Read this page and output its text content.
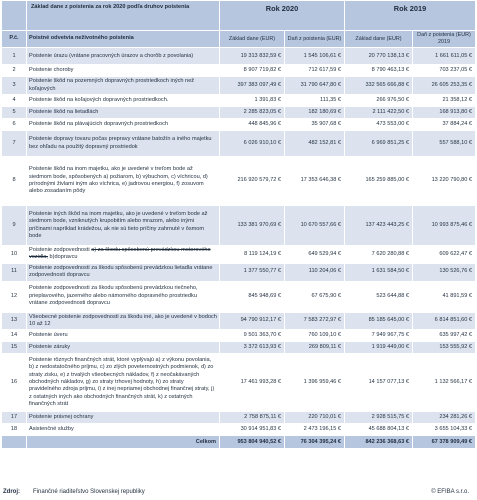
	Základ dane z poistenia za rok 2020 podľa druhov poistenia	Rok 2020		Rok 2019	
P.č.	Poistné odvetvia neživotného poistenia	Základ dane (EUR)	Daň z poistenia (EUR)	Základ dane (EUR)	Daň z poistenia (EUR) 2019
1	Poistenie úrazu (vrátane pracovných úrazov a chorôb z povolania)	19 313 832,59 €	1 545 106,61 €	20 770 138,13 €	1 661 611,05 €
2	Poistenie choroby	8 907 719,82 €	712 617,59 €	8 790 463,13 €	703 237,05 €
3	Poistenie škôd na pozemných dopravných prostriedkoch iných než koľajových	397 383 097,49 €	31 790 647,80 €	332 565 666,88 €	26 605 253,35 €
4	Poistenie škôd na koľajových dopravných prostriedkoch.	1 391,83 €	111,35 €	266 976,50 €	21 358,12 €
5	Poistenie škôd na lietadlách	2 285 823,05 €	182 180,69 €	2 111 422,50 €	168 913,80 €
6	Poistenie škôd na plávajúcich dopravných prostriedkoch	448 845,96 €	35 907,68 €	473 553,00 €	37 884,24 €
7	Poistenie dopravy tovaru počas prepravy vrátane batožín a iného majetku bez ohľadu na použitý dopravný prostriedok	6 026 910,10 €	482 152,81 €	6 969 851,25 €	557 588,10 €
8	Poistenie škôd na inom majetku, ako je uvedené v treťom bode až siedmom bode, spôsobených a) požiarom, b) výbuchom, c) víchricou, d) prírodnými živlami iným ako víchrica, e) jadrovou energiou, f) zosuvom alebo zosadaním pôdy	216 920 579,72 €	17 353 646,38 €	165 259 885,00 €	13 220 790,80 €
9	Poistenie iných škôd na inom majetku, ako je uvedené v treťom bode až siedmom bode, vzniknutých krupobitím alebo mrazom, alebo inými príčinami napríklad krádežou, ak nie sú tieto príčiny zahrnuté v ôsmom bode	133 381 970,69 €	10 670 557,66 €	137 423 443,25 €	10 993 875,46 €
10	Poistenie zodpovednosti a) za škodu spôsobenú prevádzkou motorového vozidla, b)dopravcu	8 119 124,19 €	649 529,94 €	7 620 280,88 €	609 622,47 €
11	Poistenie zodpovednosti za škodu spôsobenú prevádzkou lietadla vrátane zodpovednosti dopravcu	1 377 550,77 €	110 204,06 €	1 631 584,50 €	130 526,76 €
12	Poistenie zodpovednosti za škodu spôsobenú prevádzkou riečneho, prieplavového, jazerného alebo námorného dopravného prostriedku vrátane zodpovednosti dopravcu	845 948,69 €	67 675,90 €	523 644,88 €	41 891,59 €
13	Všeobecné poistenie zodpovednosti za škodu iné, ako je uvedené v bodoch 10 až 12	94 790 912,17 €	7 583 272,97 €	85 185 645,00 €	6 814 851,60 €
14	Poistenie úveru	9 501 363,70 €	760 109,10 €	7 949 967,75 €	635 997,42 €
15	Poistenie záruky	3 372 613,93 €	269 809,11 €	1 919 449,00 €	153 555,92 €
16	Poistenie rôznych finančných strát, ktoré vyplývajú a) z výkonu povolania, b) z nedostatočného príjmu, c) zo zlých poveternostných podmienok, d) zo straty zisku, e) z trvalých všeobecných nákladov, f) z neočakávaných obchodných nákladov, g) zo straty trhovej hodnoty, h) zo straty pravidelného zdroja príjmu, i) z inej nepriamej obchodnej finančnej straty, j) z ostatných iných ako obchodných finančných strát, k) z ostatných finančných strát	17 461 993,28 €	1 396 959,46 €	14 157 077,13 €	1 132 566,17 €
17	Poistenie právnej ochrany	2 758 875,11 €	220 710,01 €	2 928 515,75 €	234 281,26 €
18	Asistenčné služby	30 914 951,83 €	2 473 196,15 €	45 688 804,13 €	3 655 104,33 €
	Celkom	953 804 940,52 €	76 304 395,24 €	842 236 368,63 €	67 378 909,49 €
Zdroj: Finančné riaditeľstvo Slovenskej republiky	© EFIBA s.r.o.
